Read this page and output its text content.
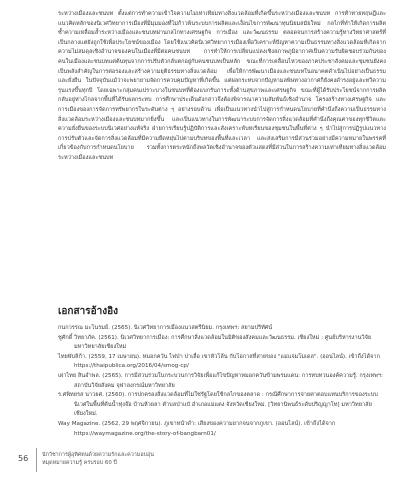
ระหว่างเมืองและชนบท ตั้งแต่การทำความเข้าใจความไม่เท่าเทียมทางสิ่งแวดล้อมที่เกิดขึ้นระหว่างเมืองและชนบท การท้าทายทฤษฎีและแนวคิดหลักของนิเวศวิทยาการเมืองที่มีมุมมองที่ไม่ก้าวพ้นระบบการผลิตและเงื่อนไขการพัฒนาทุนนิยมสมัยใหม่ กลไกที่ทำให้เกิดการผลิตซ้ำความเหลื่อมล้ำระหว่างเมืองและชนบทผ่านกลไกทางเศรษฐกิจ การเมือง และวัฒนธรรม ตลอดจนการสร้างความรู้ทางวิทยาศาสตร์ที่เป็นกลางแต่ยังถูกใช้เพื่อประโยชน์ของเมือง โดยใช้แนวคิดนิเวศวิทยาการเมืองเพื่อวิเคราะห์ปัญหาความเป็นธรรมทางสิ่งแวดล้อมที่เกิดจากความไม่สมดุลเชิงอำนาจของคนในเมืองที่มีต่อคนชนบท การทำให้การเปลี่ยนแปลงเชิงสภาพภูมิอากาศเป็นความรับผิดชอบร่วมกันของคนในเมืองและชนบทแต่ต้นทุนจากการปรับตัวกลับตกอยู่กับคนชนบทเป็นหลัก ขณะที่การเคลื่อนไหวของภาคประชาสังคมและชุมชนยังคงเป็นพลังสำคัญในการต่อรองและสร้างความยุติธรรมทางสิ่งแวดล้อม เพื่อให้การพัฒนาเมืองและชนบทในอนาคตดำเนินไปอย่างเป็นธรรมและยั่งยืน ในปัจจุบันแม้ว่าจะพยายามจัดการควบคุมปัญหาที่เกิดขึ้น แต่ผลกระทบจากปัญหามลพิษทางอากาศก็ยังคงดำรงอยู่และทวีความรุนแรงขึ้นทุกปี โดยเฉพาะกลุ่มคนเปราะบางในชนบทที่ต้องแบกรับภาระทั้งด้านสุขภาพและเศรษฐกิจ ขณะที่ผู้ได้รับประโยชน์จากการผลิตกลับอยู่ห่างไกลจากพื้นที่ได้รับผลกระทบ การศึกษาประเด็นดังกล่าวจึงต้องพิจารณาความสัมพันธ์เชิงอำนาจ โครงสร้างทางเศรษฐกิจ และการเมืองของการจัดการทรัพยากรในระดับต่าง ๆ อย่างรอบด้าน เพื่อเป็นแนวทางนำไปสู่การกำหนดนโยบายที่คำนึงถึงความเป็นธรรมทางสิ่งแวดล้อมระหว่างเมืองและชนบทมากยิ่งขึ้น และเป็นแนวทางในการพัฒนาระบบการจัดการสิ่งแวดล้อมที่คำนึงถึงคุณค่าของทุกชีวิตและความยั่งยืนของระบบนิเวศอย่างแท้จริง ฝ่ายการเรียนรู้ปฏิบัติการและสังเคราะห์บทเรียนของชุมชนในพื้นที่ต่าง ๆ นำไปสู่การปฏิรูปแนวทางการปรับตัวและจัดการสิ่งแวดล้อมที่มีความยืดหยุ่นไปตามบริบทของพื้นที่และเวลา และส่งเสริมการมีส่วนร่วมอย่างมีความหมายในพรรคที่เกี่ยวข้องกับการกำหนดนโยบาย รวมทั้งการตระหนักถึงพลวัตเชิงอำนาจของตัวแสดงที่มีส่วนในการสร้างความเท่าเทียมทางสิ่งแวดล้อมระหว่างเมืองและชนบท

เอกสารอ้างอิง
กนกวรรณ มะโนรมย์. (2565). นิเวศวิทยาการเมืองแนวสตรีนิยม. กรุงเทพฯ: สยามปริทัศน์
ชูศักดิ์ วิทยาภัค. (2561). นิเวศวิทยาการเมือง: การศึกษาสิ่งแวดล้อมในมิติของสังคมและวัฒนธรรม. เชียงใหม่ : ศูนย์บริหารงานวิจัย มหาวิทยาลัยเชียงใหม่
ไทยพับลิก้า. (2559, 17 เมษายน). หมอกควัน ไฟป่า ปาเลื่อ เขาหัวโล้น กับโอกาสที่สายของ "แม่แจ่มโมเดล". (ออนไลน์). เข้าถึงได้จาก https://thaipublica.org/2016/04/smog-cp/
เผ่าไทย สินอำพล. (2565). การมีส่วนร่วมในกระบวนการวิจัยเพื่อแก้ไขปัญหาหมอกควันข้ามพรมแดน: การทบทวนองค์ความรู้. กรุงเทพฯ: สถาบันวิจัยสังคม จุฬาลงกรณ์มหาวิทยาลัย
ร.ศพิทยรส นาวยศ. (2560). การปกครองสิ่งแวดล้อมที่ไม่ใช่รัฐโดยใช้กลไกของตลาด : กรณีศึกษาการจ่ายค่าตอบแทนบริการของระบบนิเวศในพื้นที่ต้นน้ำทุ่งจ๊อ บ้านห้วยลา ตำบลป่าแป๋ อำเภอแม่แตง จังหวัดเชียงใหม่. [วิทยานิพนธ์ระดับปริญญาโท] มหาวิทยาลัยเชียงใหม่.
Way Magazine. (2562, 29 พฤศจิกายน). ภูเขาหน้าดำ: เสียงของความยากจนจากภูเขา. (ออนไลน์). เข้าถึงได้จาก https://waymagazine.org/the-story-of-bangbarn01/
56	นักวิชาการผู้อุทิศตนด้วยความรักและความอบอุ่น
หมุดหมายความรู้ ครบรอบ 60 ปี
